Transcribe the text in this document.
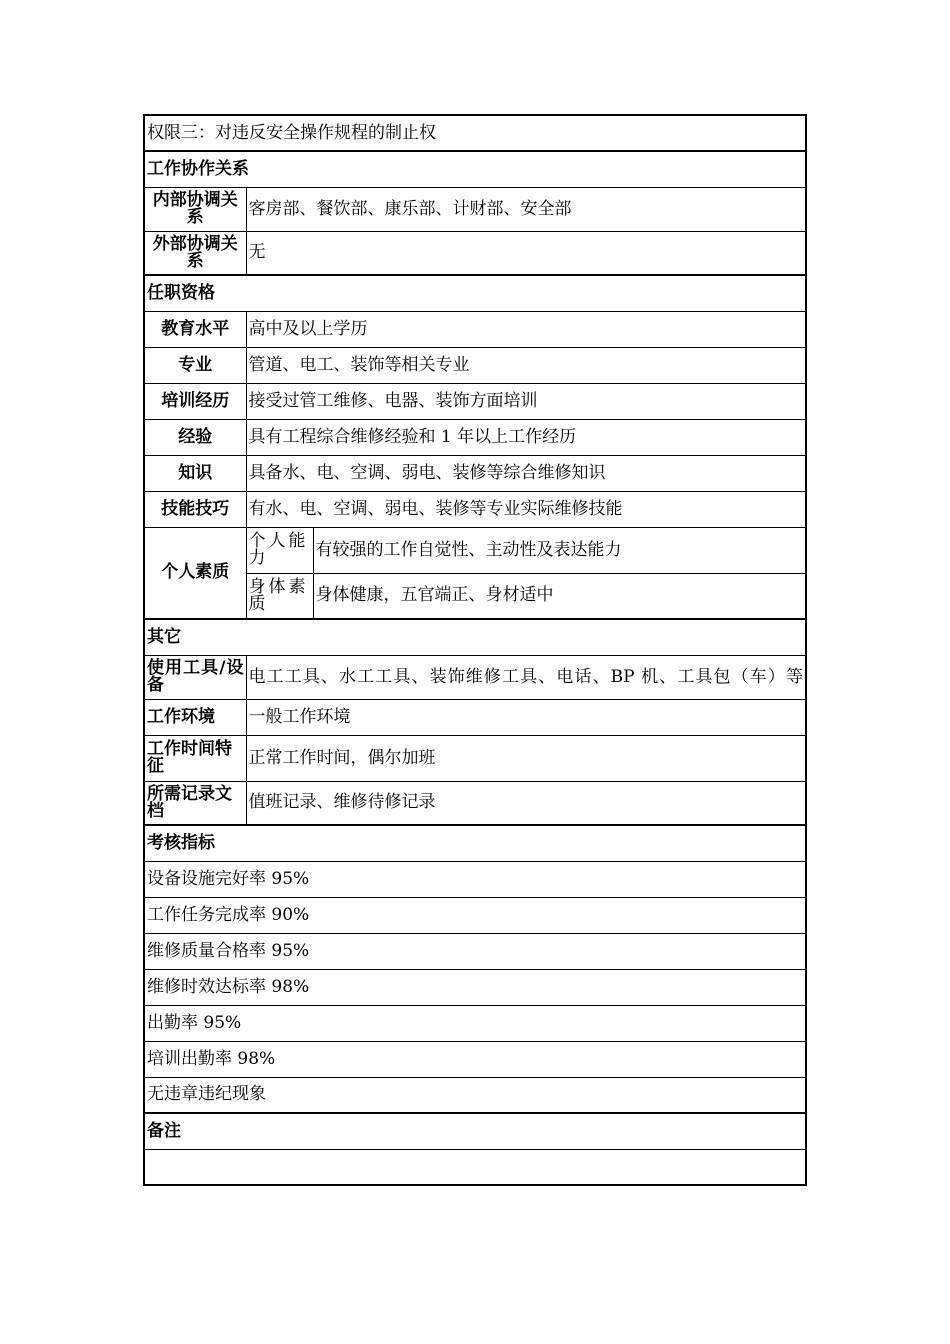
权限三：对违反安全操作规程的制止权		
工作协作关系		
内部协调关系	客房部、餐饮部、康乐部、计财部、安全部	
外部协调关系	无	
任职资格		
教育水平	高中及以上学历	
专业	管道、电工、装饰等相关专业	
培训经历	接受过管工维修、电器、装饰方面培训	
经验	具有工程综合维修经验和 1 年以上工作经历	
知识	具备水、电、空调、弱电、装修等综合维修知识	
技能技巧	有水、电、空调、弱电、装修等专业实际维修技能	
个人素质	个人能力	有较强的工作自觉性、主动性及表达能力
	身体素质	身体健康，五官端正、身材适中
其它		
使用工具/设备	电工工具、水工工具、装饰维修工具、电话、BP 机、工具包（车）等	
工作环境	一般工作环境	
工作时间特征	正常工作时间，偶尔加班	
所需记录文档	值班记录、维修待修记录	
考核指标		
设备设施完好率 95%		
工作任务完成率 90%		
维修质量合格率 95%		
维修时效达标率 98%		
出勤率 95%		
培训出勤率 98%		
无违章违纪现象		
备注		
